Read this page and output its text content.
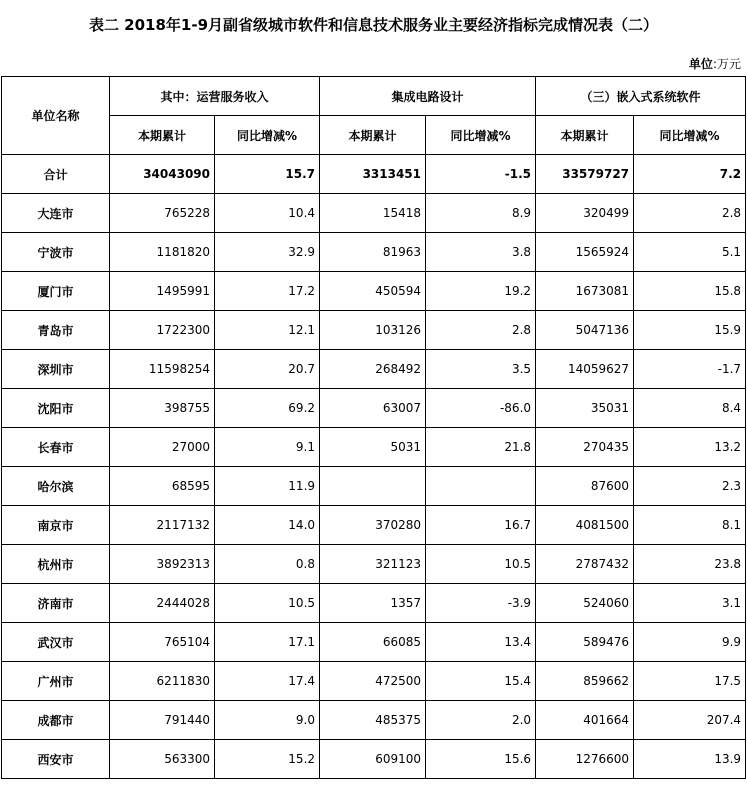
表二 2018年1-9月副省级城市软件和信息技术服务业主要经济指标完成情况表（二）
单位:万元
单位名称	其中：运营服务收入		集成电路设计		（三）嵌入式系统软件	
	本期累计	同比增减%	本期累计	同比增减%	本期累计	同比增减%
合计	34043090	15.7	3313451	-1.5	33579727	7.2
大连市	765228	10.4	15418	8.9	320499	2.8
宁波市	1181820	32.9	81963	3.8	1565924	5.1
厦门市	1495991	17.2	450594	19.2	1673081	15.8
青岛市	1722300	12.1	103126	2.8	5047136	15.9
深圳市	11598254	20.7	268492	3.5	14059627	-1.7
沈阳市	398755	69.2	63007	-86.0	35031	8.4
长春市	27000	9.1	5031	21.8	270435	13.2
哈尔滨	68595	11.9			87600	2.3
南京市	2117132	14.0	370280	16.7	4081500	8.1
杭州市	3892313	0.8	321123	10.5	2787432	23.8
济南市	2444028	10.5	1357	-3.9	524060	3.1
武汉市	765104	17.1	66085	13.4	589476	9.9
广州市	6211830	17.4	472500	15.4	859662	17.5
成都市	791440	9.0	485375	2.0	401664	207.4
西安市	563300	15.2	609100	15.6	1276600	13.9
